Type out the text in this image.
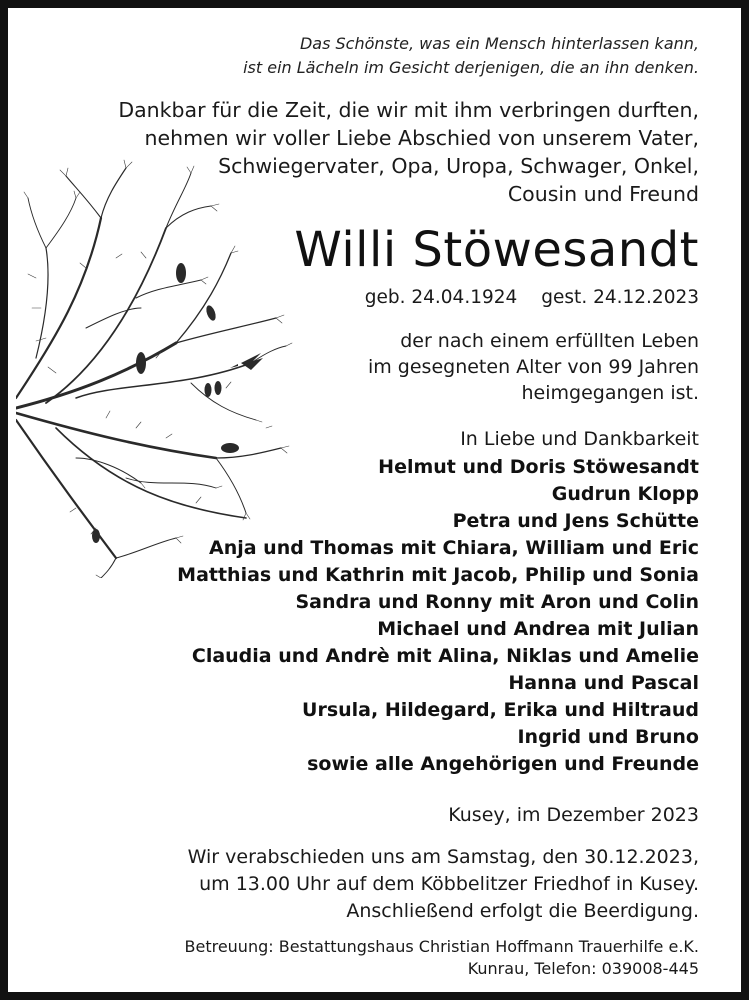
Das Schönste, was ein Mensch hinterlassen kann,
ist ein Lächeln im Gesicht derjenigen, die an ihn denken.
Dankbar für die Zeit, die wir mit ihm verbringen durften,
nehmen wir voller Liebe Abschied von unserem Vater,
Schwiegervater, Opa, Uropa, Schwager, Onkel,
Cousin und Freund
Willi Stöwesandt
geb. 24.04.1924 gest. 24.12.2023
der nach einem erfüllten Leben
im gesegneten Alter von 99 Jahren
heimgegangen ist.
In Liebe und Dankbarkeit
Helmut und Doris Stöwesandt
Gudrun Klopp
Petra und Jens Schütte
Anja und Thomas mit Chiara, William und Eric
Matthias und Kathrin mit Jacob, Philip und Sonia
Sandra und Ronny mit Aron und Colin
Michael und Andrea mit Julian
Claudia und Andrè mit Alina, Niklas und Amelie
Hanna und Pascal
Ursula, Hildegard, Erika und Hiltraud
Ingrid und Bruno
sowie alle Angehörigen und Freunde
Kusey, im Dezember 2023
Wir verabschieden uns am Samstag, den 30.12.2023,
um 13.00 Uhr auf dem Köbbelitzer Friedhof in Kusey.
Anschließend erfolgt die Beerdigung.
Betreuung: Bestattungshaus Christian Hoffmann Trauerhilfe e.K.
Kunrau, Telefon: 039008-445
